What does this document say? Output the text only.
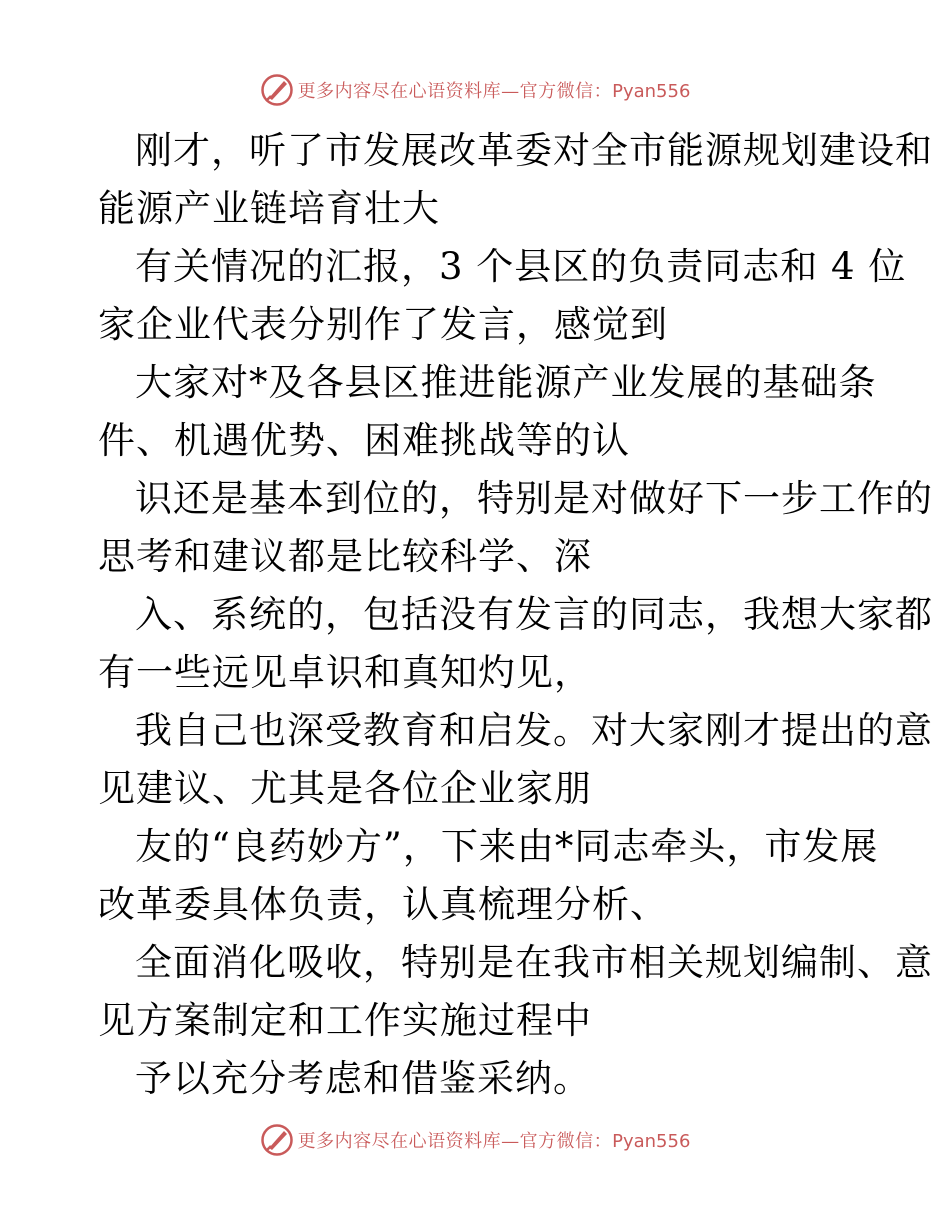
更多内容尽在心语资料库—官方微信：Pyan556
刚才，听了市发展改革委对全市能源规划建设和
能源产业链培育壮大
有关情况的汇报，3 个县区的负责同志和 4 位
家企业代表分别作了发言，感觉到
大家对*及各县区推进能源产业发展的基础条
件、机遇优势、困难挑战等的认
识还是基本到位的，特别是对做好下一步工作的
思考和建议都是比较科学、深
入、系统的，包括没有发言的同志，我想大家都
有一些远见卓识和真知灼见，
我自己也深受教育和启发。对大家刚才提出的意
见建议、尤其是各位企业家朋
友的“良药妙方”，下来由*同志牵头，市发展
改革委具体负责，认真梳理分析、
全面消化吸收，特别是在我市相关规划编制、意
见方案制定和工作实施过程中
予以充分考虑和借鉴采纳。
更多内容尽在心语资料库—官方微信：Pyan556
